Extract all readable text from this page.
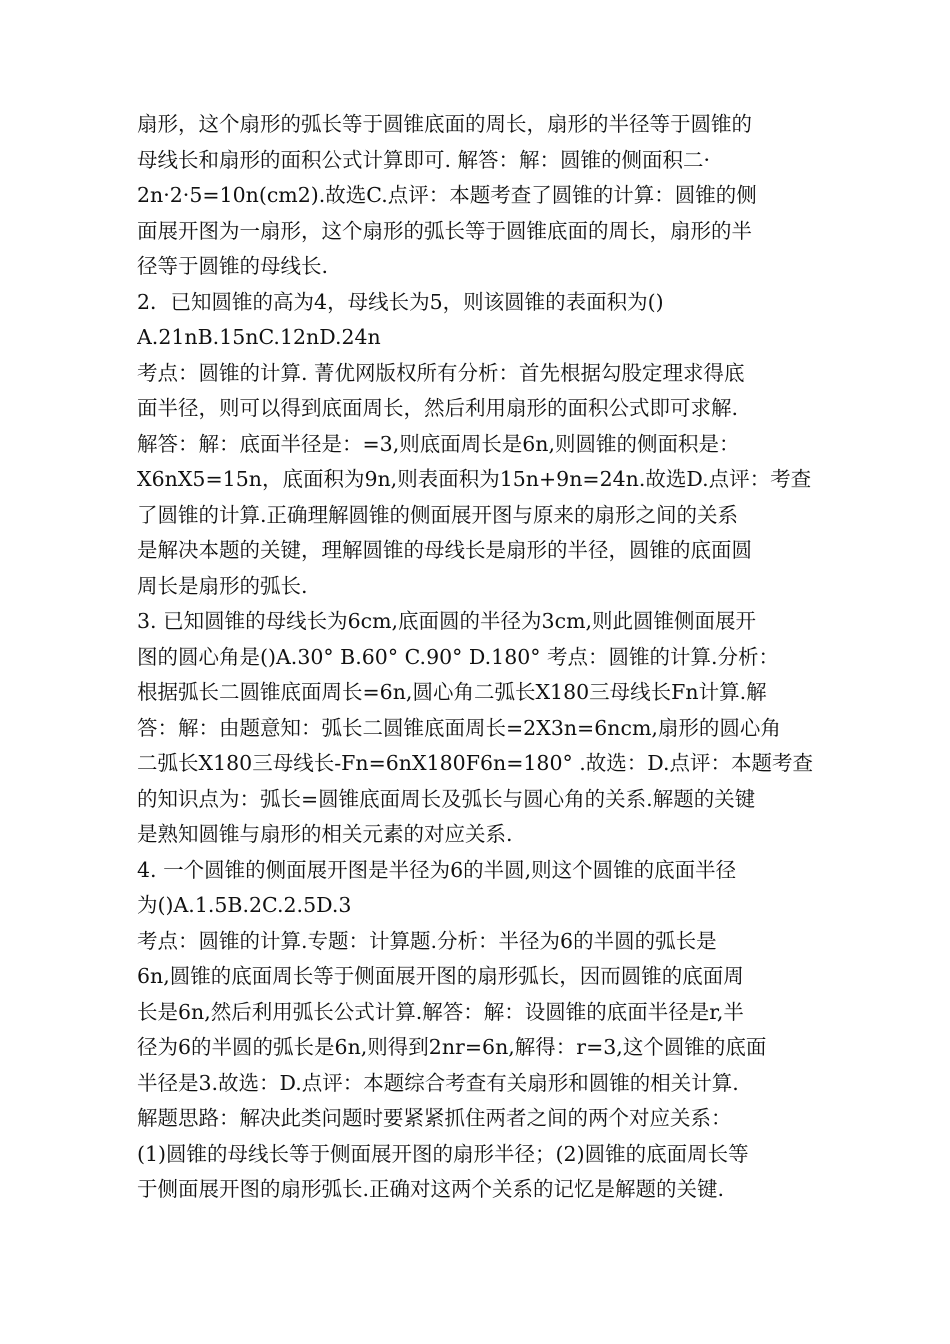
扇形，这个扇形的弧长等于圆锥底面的周长，扇形的半径等于圆锥的
母线长和扇形的面积公式计算即可. 解答：解：圆锥的侧面积二·
2n·2·5=10n(cm2).故选C.点评：本题考查了圆锥的计算：圆锥的侧
面展开图为一扇形，这个扇形的弧长等于圆锥底面的周长，扇形的半
径等于圆锥的母线长.
2．已知圆锥的高为4，母线长为5，则该圆锥的表面积为()
A.21nB.15nC.12nD.24n
考点：圆锥的计算. 菁优网版权所有分析：首先根据勾股定理求得底
面半径，则可以得到底面周长，然后利用扇形的面积公式即可求解.
解答：解：底面半径是：=3,则底面周长是6n,则圆锥的侧面积是：
X6nX5=15n，底面积为9n,则表面积为15n+9n=24n.故选D.点评：考查
了圆锥的计算.正确理解圆锥的侧面展开图与原来的扇形之间的关系
是解决本题的关键，理解圆锥的母线长是扇形的半径，圆锥的底面圆
周长是扇形的弧长.
3. 已知圆锥的母线长为6cm,底面圆的半径为3cm,则此圆锥侧面展开
图的圆心角是()A.30° B.60° C.90° D.180° 考点：圆锥的计算.分析：
根据弧长二圆锥底面周长=6n,圆心角二弧长X180三母线长Fn计算.解
答：解：由题意知：弧长二圆锥底面周长=2X3n=6ncm,扇形的圆心角
二弧长X180三母线长-Fn=6nX180F6n=180° .故选：D.点评：本题考查
的知识点为：弧长=圆锥底面周长及弧长与圆心角的关系.解题的关键
是熟知圆锥与扇形的相关元素的对应关系.
4. 一个圆锥的侧面展开图是半径为6的半圆,则这个圆锥的底面半径
为()A.1.5B.2C.2.5D.3
考点：圆锥的计算.专题：计算题.分析：半径为6的半圆的弧长是
6n,圆锥的底面周长等于侧面展开图的扇形弧长，因而圆锥的底面周
长是6n,然后利用弧长公式计算.解答：解：设圆锥的底面半径是r,半
径为6的半圆的弧长是6n,则得到2nr=6n,解得：r=3,这个圆锥的底面
半径是3.故选：D.点评：本题综合考查有关扇形和圆锥的相关计算.
解题思路：解决此类问题时要紧紧抓住两者之间的两个对应关系：
(1)圆锥的母线长等于侧面展开图的扇形半径；(2)圆锥的底面周长等
于侧面展开图的扇形弧长.正确对这两个关系的记忆是解题的关键.
